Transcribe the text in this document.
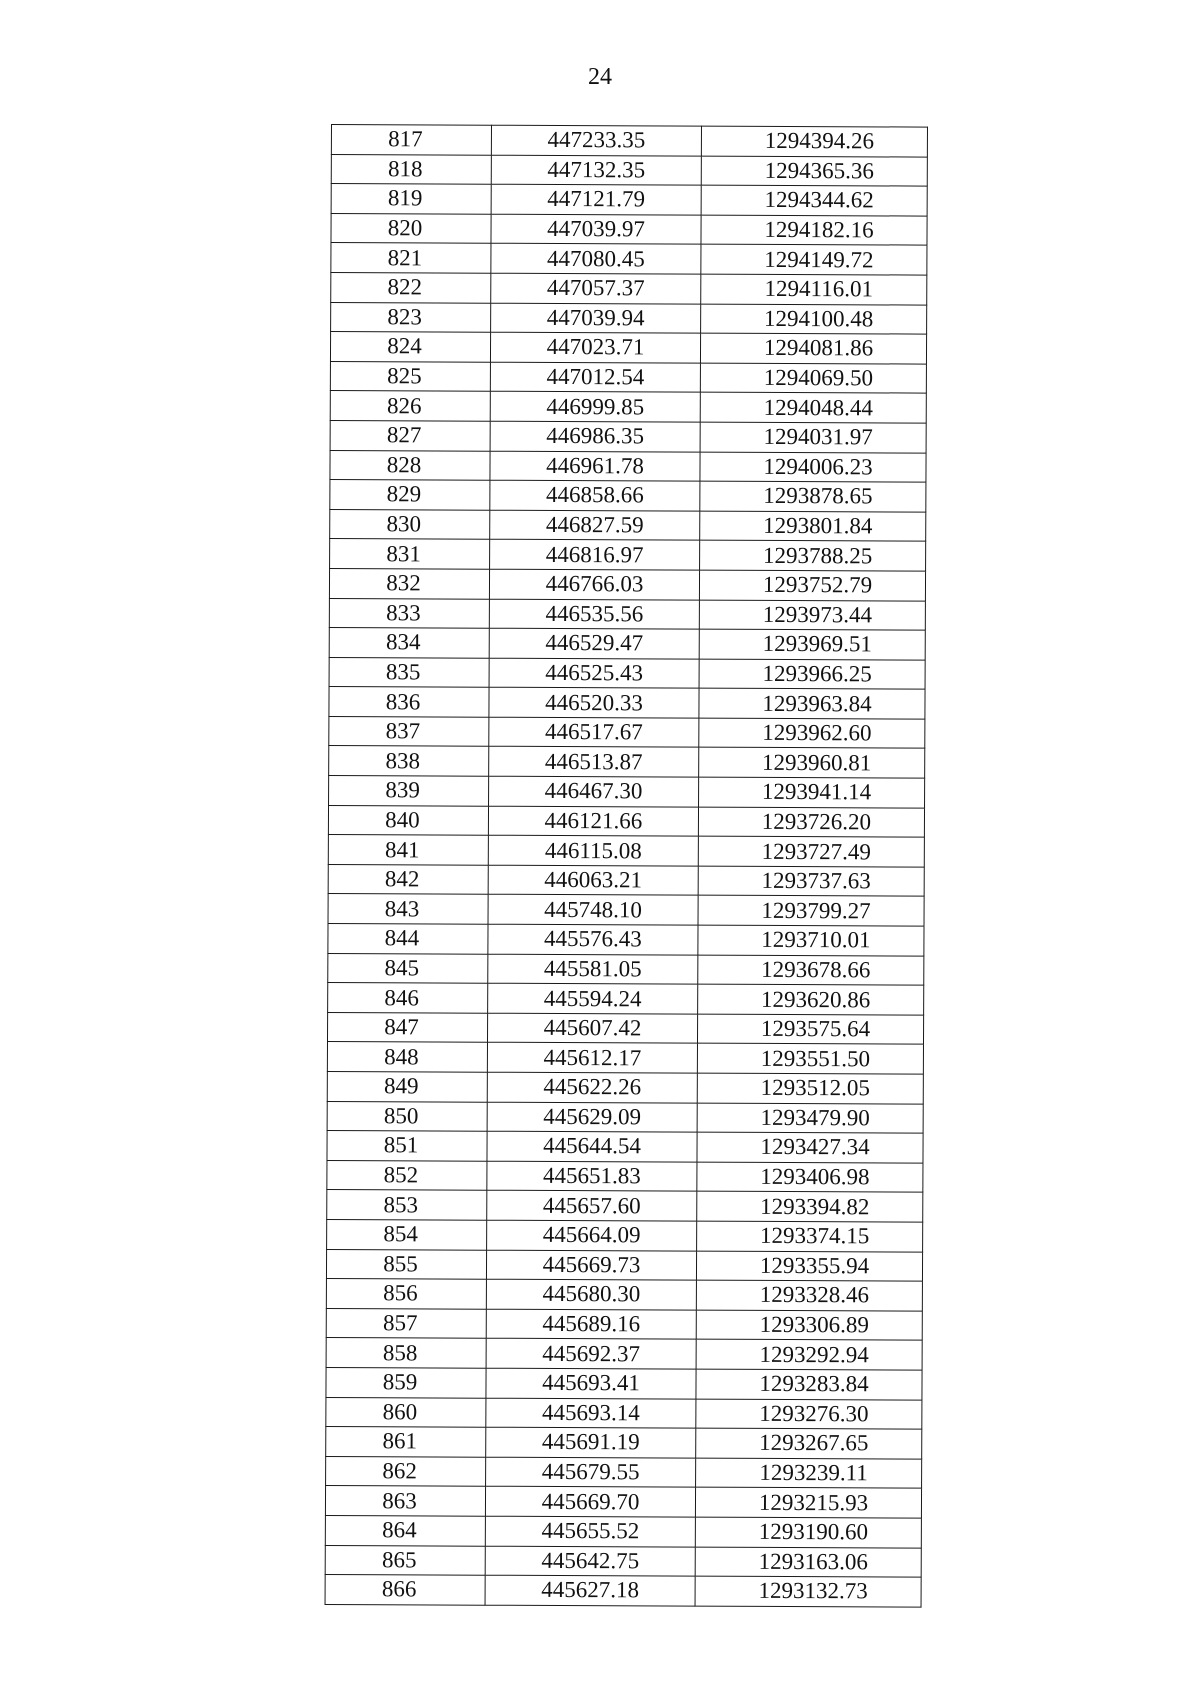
24
817	447233.35	1294394.26
818	447132.35	1294365.36
819	447121.79	1294344.62
820	447039.97	1294182.16
821	447080.45	1294149.72
822	447057.37	1294116.01
823	447039.94	1294100.48
824	447023.71	1294081.86
825	447012.54	1294069.50
826	446999.85	1294048.44
827	446986.35	1294031.97
828	446961.78	1294006.23
829	446858.66	1293878.65
830	446827.59	1293801.84
831	446816.97	1293788.25
832	446766.03	1293752.79
833	446535.56	1293973.44
834	446529.47	1293969.51
835	446525.43	1293966.25
836	446520.33	1293963.84
837	446517.67	1293962.60
838	446513.87	1293960.81
839	446467.30	1293941.14
840	446121.66	1293726.20
841	446115.08	1293727.49
842	446063.21	1293737.63
843	445748.10	1293799.27
844	445576.43	1293710.01
845	445581.05	1293678.66
846	445594.24	1293620.86
847	445607.42	1293575.64
848	445612.17	1293551.50
849	445622.26	1293512.05
850	445629.09	1293479.90
851	445644.54	1293427.34
852	445651.83	1293406.98
853	445657.60	1293394.82
854	445664.09	1293374.15
855	445669.73	1293355.94
856	445680.30	1293328.46
857	445689.16	1293306.89
858	445692.37	1293292.94
859	445693.41	1293283.84
860	445693.14	1293276.30
861	445691.19	1293267.65
862	445679.55	1293239.11
863	445669.70	1293215.93
864	445655.52	1293190.60
865	445642.75	1293163.06
866	445627.18	1293132.73
